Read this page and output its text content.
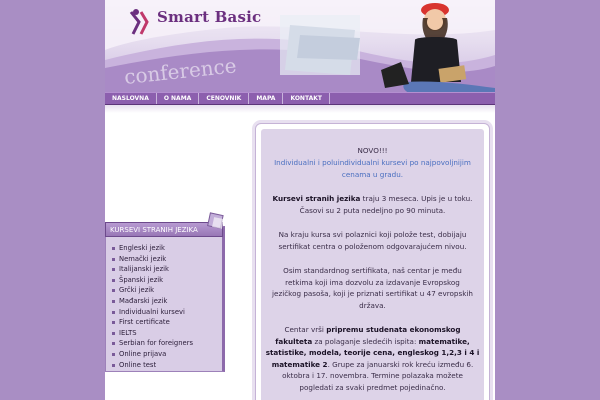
conference
Smart Basic
NASLOVNA	O NAMA	CENOVNIK	MAPA	KONTAKT
KURSEVI STRANIH JEZIKA
Engleski jezik
Nemački jezik
Italijanski jezik
Španski jezik
Grčki jezik
Mađarski jezik
Individualni kursevi
First certificate
IELTS
Serbian for foreigners
Online prijava
Online test
NOVO!!!
Individualni i poluindividualni kursevi po najpovoljnijim
cenama u gradu.
Kursevi stranih jezika traju 3 meseca. Upis je u toku.
Časovi su 2 puta nedeljno po 90 minuta.
Na kraju kursa svi polaznici koji polože test, dobijaju
sertifikat centra o položenom odgovarajućem nivou.
Osim standardnog sertifikata, naš centar je među
retkima koji ima dozvolu za izdavanje Evropskog
jezičkog pasoša, koji je priznati sertifikat u 47 evropskih
država.
Centar vrši pripremu studenata ekonomskog
fakulteta za polaganje sledećih ispita: matematike,
statistike, modela, teorije cena, engleskog 1,2,3 i 4 i
matematike 2. Grupe za januarski rok kreću između 6.
oktobra i 17. novembra. Termine polazaka možete
pogledati za svaki predmet pojedinačno.
